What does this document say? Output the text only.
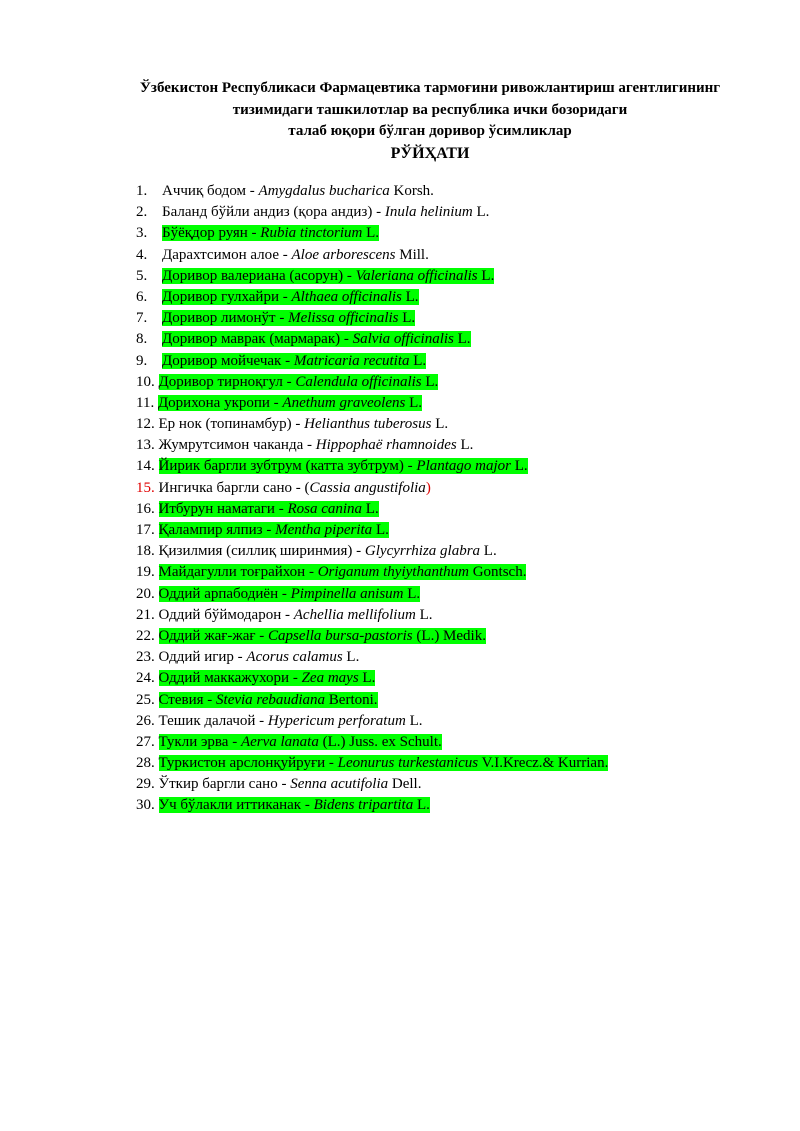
Ўзбекистон Республикаси Фармацевтика тармоғини ривожлантириш агентлигининг
тизимидаги ташкилотлар ва республика ички бозоридаги
талаб юқори бўлган доривор ўсимликлар
РЎЙҲАТИ
1. Аччиқ бодом - Amygdalus bucharica Korsh.
2. Баланд бўйли андиз (қора андиз) - Inula helinium L.
3. Бўёқдор руян - Rubia tinctorium L.
4. Дарахтсимон алое - Aloe arborescens Mill.
5. Доривор валериана (асорун) - Valeriana officinalis L.
6. Доривор гулхайри - Althaea officinalis L.
7. Доривор лимонўт - Melissa officinalis L.
8. Доривор маврак (мармарак) - Salvia officinalis L.
9. Доривор мойчечак - Matricaria recutita L.
10. Доривор тирноқгул - Calendula officinalis L.
11. Дорихона укропи - Anethum graveolens L.
12. Ер нок (топинамбур) - Helianthus tuberosus L.
13. Жумрутсимон чаканда - Hippophaë rhamnoides L.
14. Йирик баргли зубтрум (катта зубтрум) - Plantago major L.
15. Ингичка баргли сано - (Cassia angustifolia)
16. Итбурун наматаги - Rosa canina L.
17. Қалампир ялпиз - Mentha piperita L.
18. Қизилмия (силлиқ ширинмия) - Glycyrrhiza glabra L.
19. Майдагулли тоғрайхон - Origanum thyiythanthum Gontsch.
20. Оддий арпабодиён - Pimpinella anisum L.
21. Оддий бўймодарон - Achellia mellifolium L.
22. Оддий жағ-жағ - Capsella bursa-pastoris (L.) Medik.
23. Оддий игир - Acorus calamus L.
24. Оддий маккажухори - Zea mays L.
25. Стевия - Stevia rebaudiana Bertoni.
26. Тешик далачой - Hypericum perforatum L.
27. Тукли эрва - Aerva lanata (L.) Juss. ex Schult.
28. Туркистон арслонқуйруғи - Leonurus turkestanicus V.I.Krecz.& Kurrian.
29. Ўткир баргли сано - Senna acutifolia Dell.
30. Уч бўлакли иттиканак - Bidens tripartita L.
